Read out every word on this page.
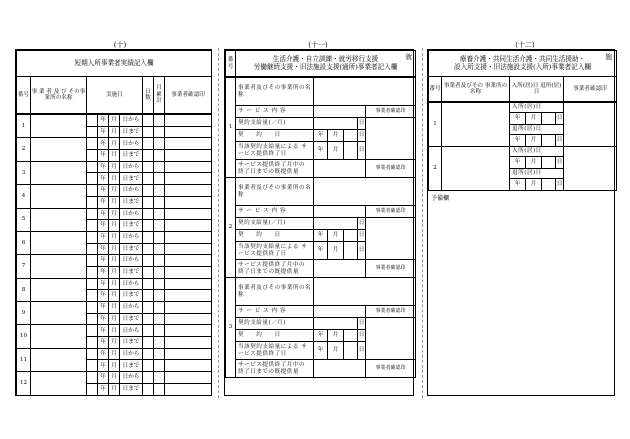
(十)	(十一)	(十二)
短期入所事業者実績記入欄
番号	事 業 者 及 び その事業所の名称	実施日	日数	月累計	事業者確認印
1			年	月	日から			
			年	月	日まで			
2			年	月	日から			
			年	月	日まで			
3			年	月	日から			
			年	月	日まで			
4			年	月	日から			
			年	月	日まで			
5			年	月	日から			
			年	月	日まで			
6			年	月	日から			
			年	月	日まで			
7			年	月	日から			
			年	月	日まで			
8			年	月	日から			
			年	月	日まで			
9			年	月	日から			
			年	月	日まで			
10			年	月	日から			
			年	月	日まで			
11			年	月	日から			
			年	月	日まで			
12			年	月	日から			
			年	月	日まで			
番号	
生活介護・自立訓練・就労移行支援
労働継続支援・旧法施設支援(通所)事業者記入欄
就
1	事業者及びその事業所の名称					
	サ ー ビ ス 内 容					事業者確認印
	契約支給量(／月)				日	
	契　　約　　日	年	月		日	
	当該契約支給量による サービス提供終了日	年	月		日	
	サービス提供終了月中の 終了日までの既提供量					事業者確認印
2	事業者及びその事業所の名称					
	サ ー ビ ス 内 容					事業者確認印
	契約支給量(／月)				日	
	契　　約　　日	年	月		日	
	当該契約支給量による サービス提供終了日	年	月		日	
	サービス提供終了月中の 終了日までの既提供量					事業者確認印
3	事業者及びその事業所の名称					
	サ ー ビ ス 内 容					事業者確認印
	契約支給量(／月)				日	
	契　　約　　日	年	月		日	
	当該契約支給量による サービス提供終了日	年	月		日	
	サービス提供終了月中の 終了日までの既提供量					事業者確認印
療養介護・共同生活介護・共同生活援助・
設入所支援・旧法施設支援(入所)事業者記入欄
施

番号	事業者及びその 事業所の名称	入所(居)日 退所(居)日	事業者確認印
1		入所(居)日				
		年	月		日	
		退所(居)日				
		年	月		日	
2		入所(居)日				
		年	月		日	
		退所(居)日				
		年	月		日	
予備欄
